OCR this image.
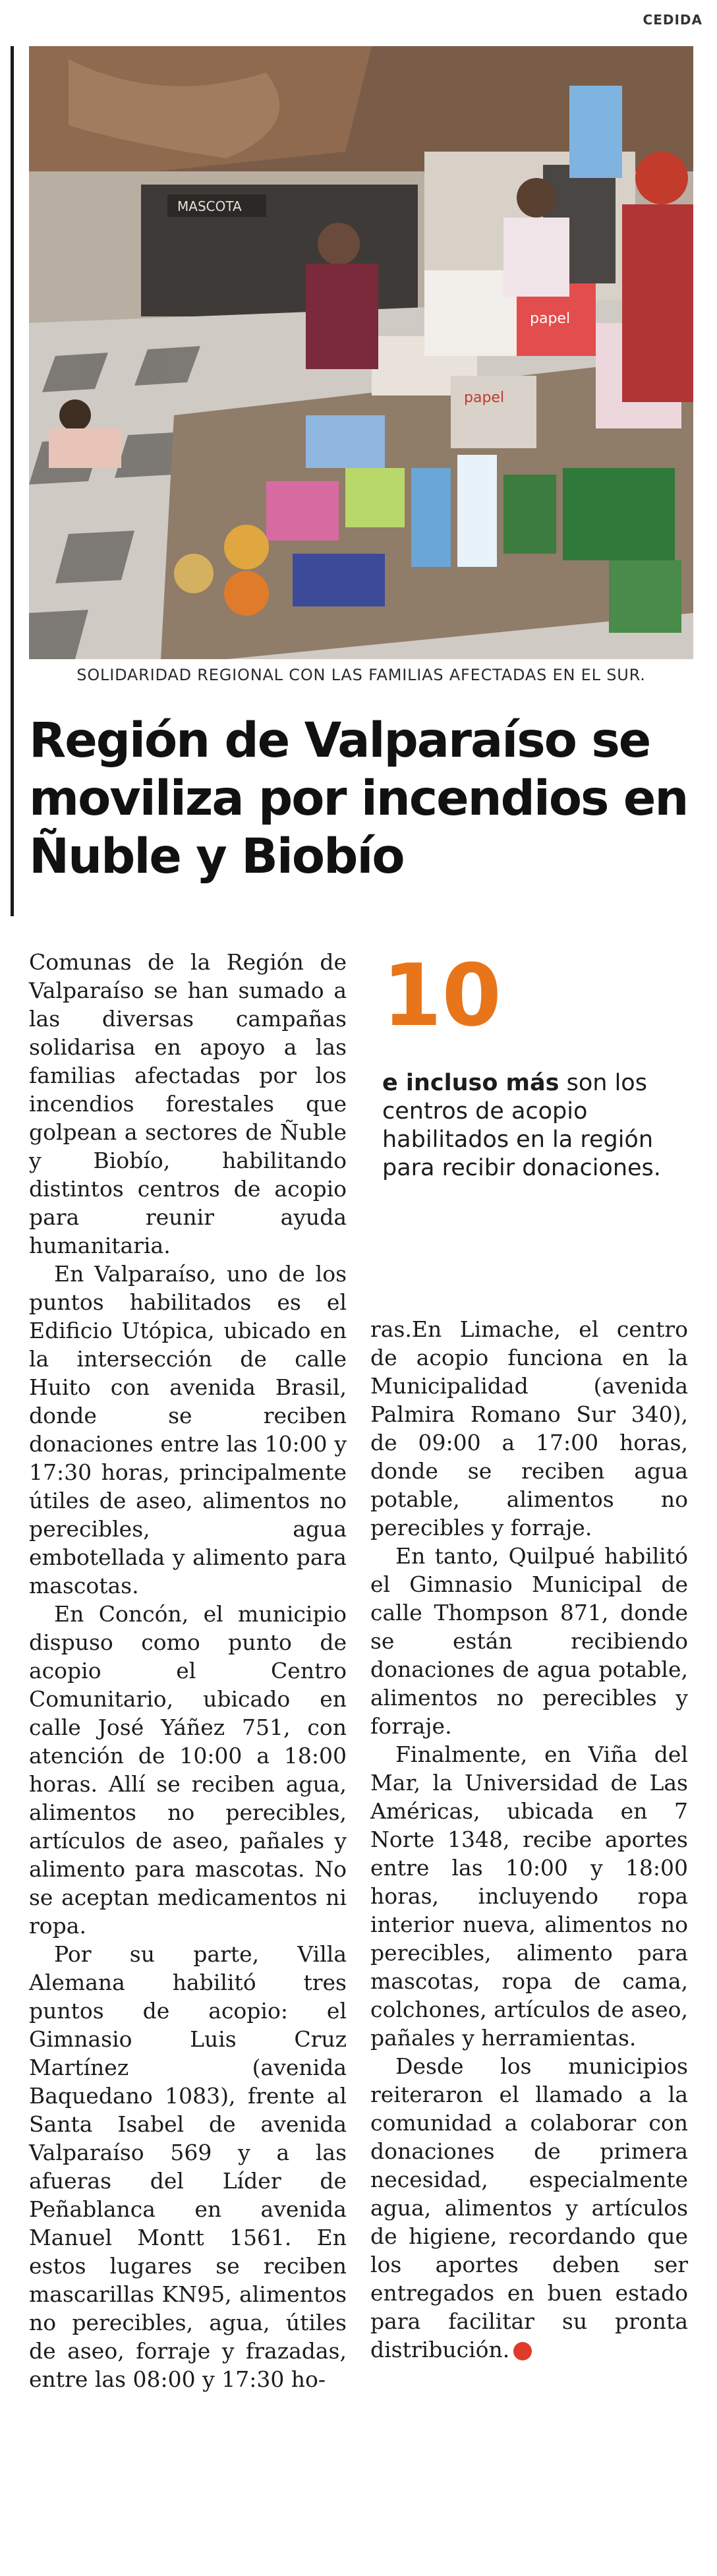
CEDIDA
MASCOTA
papel
papel
SOLIDARIDAD REGIONAL CON LAS FAMILIAS AFECTADAS EN EL SUR.
Región de Valparaíso se moviliza por incendios en Ñuble y Biobío

Comunas de la Región de Valparaíso se han sumado a las diversas campañas solidarisa en apoyo a las familias afectadas por los incendios forestales que golpean a sectores de Ñuble y Biobío, habilitando distintos centros de acopio para reunir ayuda humanitaria.

En Valparaíso, uno de los puntos habilitados es el Edificio Utópica, ubicado en la intersección de calle Huito con avenida Brasil, donde se reciben donaciones entre las 10:00 y 17:30 horas, principalmente útiles de aseo, alimentos no perecibles, agua embotellada y alimento para mascotas.

En Concón, el municipio dispuso como punto de acopio el Centro Comunitario, ubicado en calle José Yáñez 751, con atención de 10:00 a 18:00 horas. Allí se reciben agua, alimentos no perecibles, artículos de aseo, pañales y alimento para mascotas. No se aceptan medicamentos ni ropa.

Por su parte, Villa Alemana habilitó tres puntos de acopio: el Gimnasio Luis Cruz Martínez (avenida Baquedano 1083), frente al Santa Isabel de avenida Valparaíso 569 y a las afueras del Líder de Peñablanca en avenida Manuel Montt 1561. En estos lugares se reciben mascarillas KN95, alimentos no perecibles, agua, útiles de aseo, forraje y frazadas, entre las 08:00 y 17:30 ho-

10
e incluso más son los centros de acopio habilitados en la región para recibir donaciones.

ras.En Limache, el centro de acopio funciona en la Municipalidad (avenida Palmira Romano Sur 340), de 09:00 a 17:00 horas, donde se reciben agua potable, alimentos no perecibles y forraje.

En tanto, Quilpué habilitó el Gimnasio Municipal de calle Thompson 871, donde se están recibiendo donaciones de agua potable, alimentos no perecibles y forraje.

Finalmente, en Viña del Mar, la Universidad de Las Américas, ubicada en 7 Norte 1348, recibe aportes entre las 10:00 y 18:00 horas, incluyendo ropa interior nueva, alimentos no perecibles, alimento para mascotas, ropa de cama, colchones, artículos de aseo, pañales y herramientas.

Desde los municipios reiteraron el llamado a la comunidad a colaborar con donaciones de primera necesidad, especialmente agua, alimentos y artículos de higiene, recordando que los aportes deben ser entregados en buen estado para facilitar su pronta distribución. ✪
